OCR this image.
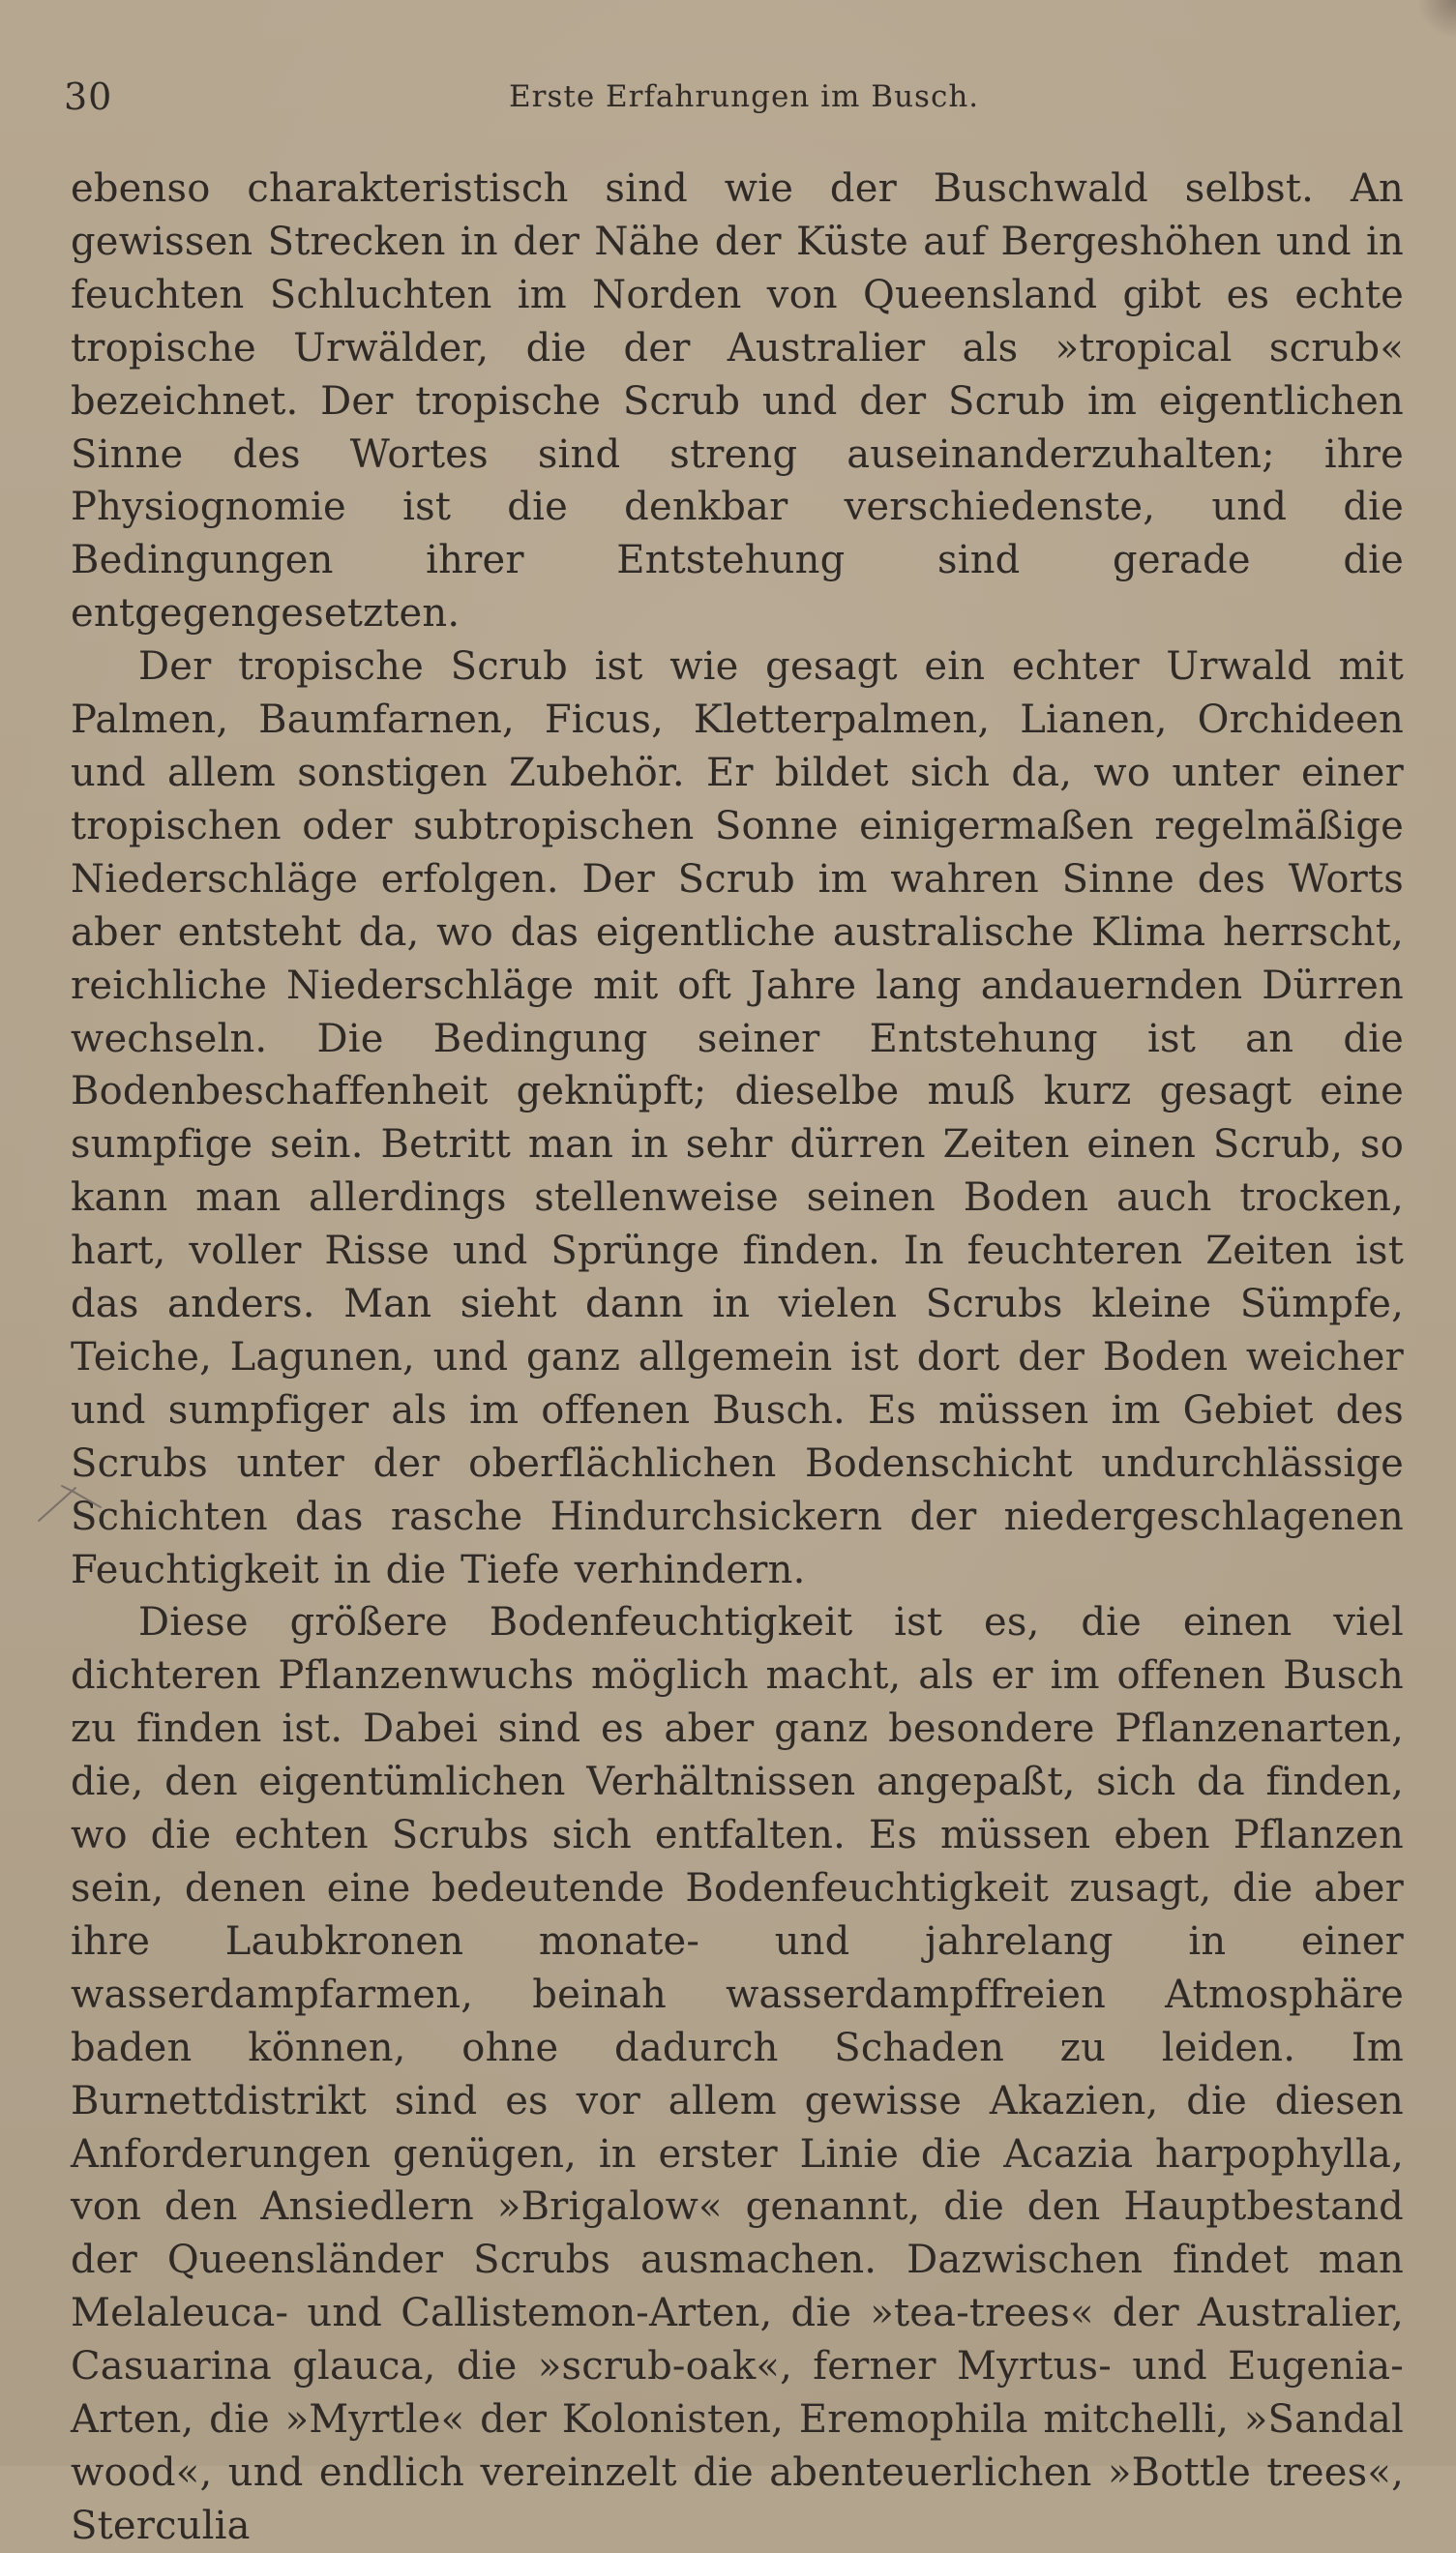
30	Erste Erfahrungen im Busch.

ebenso charakteristisch sind wie der Buschwald selbst. An gewissen Strecken in der Nähe der Küste auf Bergeshöhen und in feuchten Schluchten im Norden von Queensland gibt es echte tropische Urwälder, die der Australier als »tropical scrub« bezeichnet. Der tropische Scrub und der Scrub im eigentlichen Sinne des Wortes sind streng auseinanderzuhalten; ihre Physiognomie ist die denkbar verschiedenste, und die Bedingungen ihrer Entstehung sind gerade die entgegengesetzten.

Der tropische Scrub ist wie gesagt ein echter Urwald mit Palmen, Baumfarnen, Ficus, Kletterpalmen, Lianen, Orchideen und allem sonstigen Zubehör. Er bildet sich da, wo unter einer tropischen oder subtropischen Sonne einigermaßen regelmäßige Niederschläge erfolgen. Der Scrub im wahren Sinne des Worts aber entsteht da, wo das eigentliche australische Klima herrscht, reichliche Niederschläge mit oft Jahre lang andauernden Dürren wechseln. Die Bedingung seiner Entstehung ist an die Bodenbeschaffenheit geknüpft; dieselbe muß kurz gesagt eine sumpfige sein. Betritt man in sehr dürren Zeiten einen Scrub, so kann man allerdings stellenweise seinen Boden auch trocken, hart, voller Risse und Sprünge finden. In feuchteren Zeiten ist das anders. Man sieht dann in vielen Scrubs kleine Sümpfe, Teiche, Lagunen, und ganz allgemein ist dort der Boden weicher und sumpfiger als im offenen Busch. Es müssen im Gebiet des Scrubs unter der oberflächlichen Bodenschicht undurchlässige Schichten das rasche Hindurchsickern der niedergeschlagenen Feuchtigkeit in die Tiefe verhindern.

Diese größere Bodenfeuchtigkeit ist es, die einen viel dichteren Pflanzenwuchs möglich macht, als er im offenen Busch zu finden ist. Dabei sind es aber ganz besondere Pflanzenarten, die, den eigentümlichen Verhältnissen angepaßt, sich da finden, wo die echten Scrubs sich entfalten. Es müssen eben Pflanzen sein, denen eine bedeutende Bodenfeuchtigkeit zusagt, die aber ihre Laubkronen monate- und jahrelang in einer wasserdampfarmen, beinah wasserdampffreien Atmosphäre baden können, ohne dadurch Schaden zu leiden. Im Burnettdistrikt sind es vor allem gewisse Akazien, die diesen Anforderungen genügen, in erster Linie die Acazia harpophylla, von den Ansiedlern »Brigalow« genannt, die den Hauptbestand der Queensländer Scrubs ausmachen. Dazwischen findet man Melaleuca- und Callistemon-Arten, die »tea-trees« der Australier, Casuarina glauca, die »scrub-oak«, ferner Myrtus- und Eugenia-Arten, die »Myrtle« der Kolonisten, Eremophila mitchelli, »Sandal wood«, und endlich vereinzelt die abenteuerlichen »Bottle trees«, Sterculia
